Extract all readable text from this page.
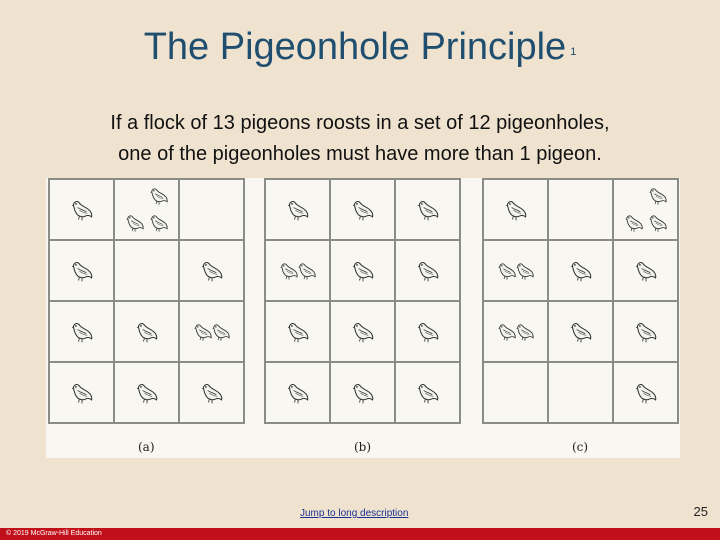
The Pigeonhole Principle $^1$
If a flock of 13 pigeons roosts in a set of 12 pigeonholes,
one of the pigeonholes must have more than 1 pigeon.
(a)	(b)	(c)
Jump to long description	25
© 2019 McGraw-Hill Education
